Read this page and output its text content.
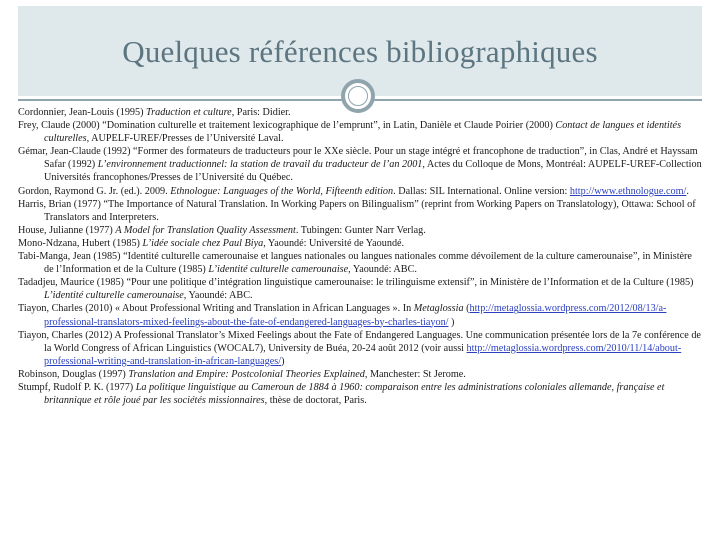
Quelques références bibliographiques
Cordonnier, Jean-Louis (1995) Traduction et culture, Paris: Didier.
Frey, Claude (2000) “Domination culturelle et traitement lexicographique de l’emprunt”, in Latin, Danièle et Claude Poirier (2000) Contact de langues et identités culturelles, AUPELF-UREF/Presses de l’Université Laval.
Gémar, Jean-Claude (1992) “Former des formateurs de traducteurs pour le XXe siècle. Pour un stage intégré et francophone de traduction”, in Clas, André et Hayssam Safar (1992) L’environnement traductionnel: la station de travail du traducteur de l’an 2001, Actes du Colloque de Mons, Montréal: AUPELF-UREF-Collection Universités francophones/Presses de l’Université du Québec.
Gordon, Raymond G. Jr. (ed.). 2009. Ethnologue: Languages of the World, Fifteenth edition. Dallas: SIL International. Online version: http://www.ethnologue.com/.
Harris, Brian (1977) “The Importance of Natural Translation. In Working Papers on Bilingualism” (reprint from Working Papers on Translatology), Ottawa: School of Translators and Interpreters.
House, Julianne (1977) A Model for Translation Quality Assessment. Tubingen: Gunter Narr Verlag.
Mono-Ndzana, Hubert (1985) L’idée sociale chez Paul Biya, Yaoundé: Université de Yaoundé.
Tabi-Manga, Jean (1985) “Identité culturelle camerounaise et langues nationales ou langues nationales comme dévoilement de la culture camerounaise”, in Ministère de l’Information et de la Culture (1985) L’identité culturelle camerounaise, Yaoundé: ABC.
Tadadjeu, Maurice (1985) “Pour une politique d’intégration linguistique camerounaise: le trilinguisme extensif”, in Ministère de l’Information et de la Culture (1985) L’identité culturelle camerounaise, Yaoundé: ABC.
Tiayon, Charles (2010) « About Professional Writing and Translation in African Languages ». In Metaglossia (http://metaglossia.wordpress.com/2012/08/13/a-professional-translators-mixed-feelings-about-the-fate-of-endangered-languages-by-charles-tiayon/ )
Tiayon, Charles (2012) A Professional Translator’s Mixed Feelings about the Fate of Endangered Languages. Une communication présentée lors de la 7e conférence de la World Congress of African Linguistics (WOCAL7), University de Buéa, 20-24 août 2012 (voir aussi http://metaglossia.wordpress.com/2010/11/14/about-professional-writing-and-translation-in-african-languages/)
Robinson, Douglas (1997) Translation and Empire: Postcolonial Theories Explained, Manchester: St Jerome.
Stumpf, Rudolf P. K. (1977) La politique linguistique au Cameroun de 1884 à 1960: comparaison entre les administrations coloniales allemande, française et britannique et rôle joué par les sociétés missionnaires, thèse de doctorat, Paris.
